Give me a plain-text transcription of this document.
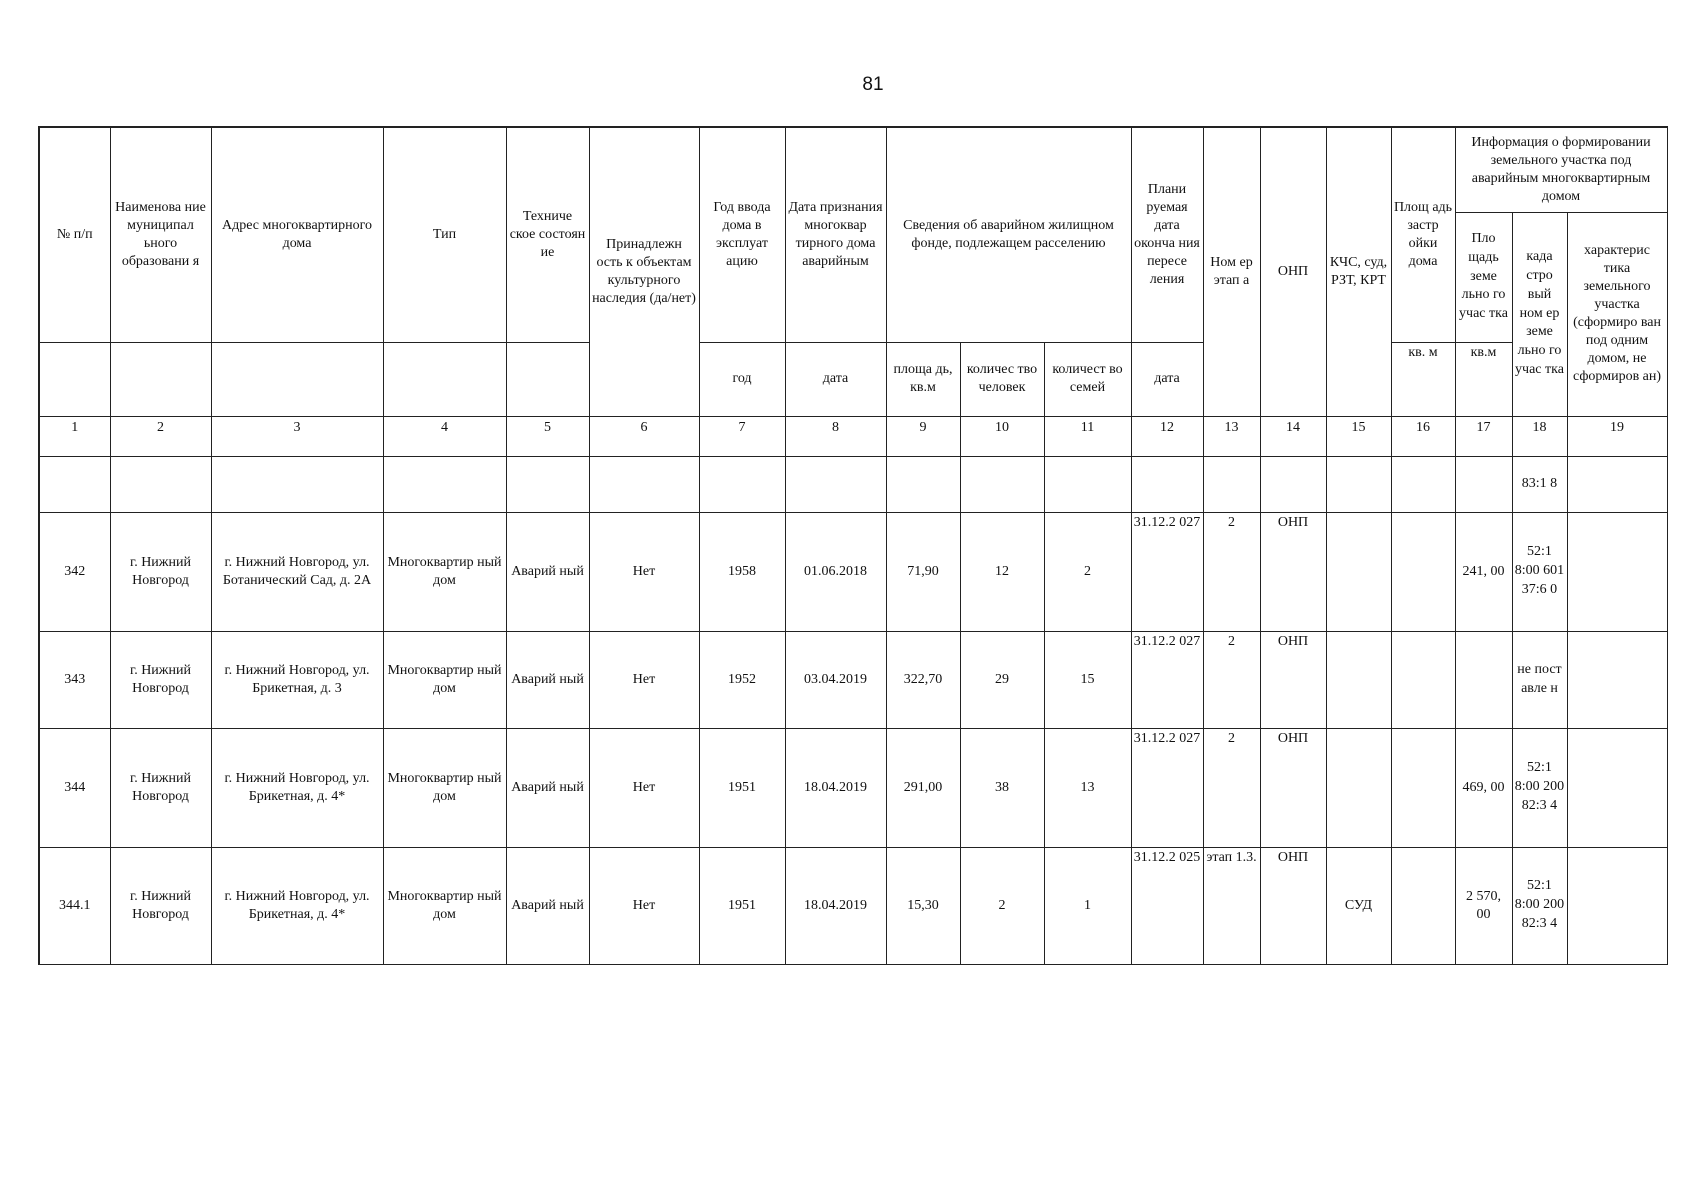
81
№ п/п	Наименова ние муниципал ьного образовани я	Адрес многоквартирного дома	Тип	Техниче ское состоян ие	Принадлежн ость к объектам культурного наследия (да/нет)	Год ввода дома в эксплуат ацию	Дата признания многоквар тирного дома аварийным	Сведения об аварийном жилищном фонде, подлежащем расселению			Плани руемая дата оконча ния пересе ления	Ном ер этап а	ОНП	КЧС, суд, РЗТ, КРТ	Площ адь застр ойки дома	Информация о формировании земельного участка под аварийным многоквартирным домом		
																Пло щадь земе льно го учас тка	када стро вый ном ер земе льно го учас тка	характерис тика земельного участка (сформиро ван под одним домом, не сформиров ан)
						год	дата	площа дь, кв.м	количес тво человек	количест во семей	дата				кв. м	кв.м		
1	2	3	4	5	6	7	8	9	10	11	12	13	14	15	16	17	18	19
																	83:1 8	
342	г. Нижний Новгород	г. Нижний Новгород, ул. Ботанический Сад, д. 2А	Многоквартир ный дом	Аварий ный	Нет	1958	01.06.2018	71,90	12	2	31.12.2 027	2	ОНП			241, 00	52:1 8:00 601 37:6 0	
343	г. Нижний Новгород	г. Нижний Новгород, ул. Брикетная, д. 3	Многоквартир ный дом	Аварий ный	Нет	1952	03.04.2019	322,70	29	15	31.12.2 027	2	ОНП				не пост авле н	
344	г. Нижний Новгород	г. Нижний Новгород, ул. Брикетная, д. 4*	Многоквартир ный дом	Аварий ный	Нет	1951	18.04.2019	291,00	38	13	31.12.2 027	2	ОНП			469, 00	52:1 8:00 200 82:3 4	
344.1	г. Нижний Новгород	г. Нижний Новгород, ул. Брикетная, д. 4*	Многоквартир ный дом	Аварий ный	Нет	1951	18.04.2019	15,30	2	1	31.12.2 025	этап 1.3.	ОНП	СУД		2 570, 00	52:1 8:00 200 82:3 4	
